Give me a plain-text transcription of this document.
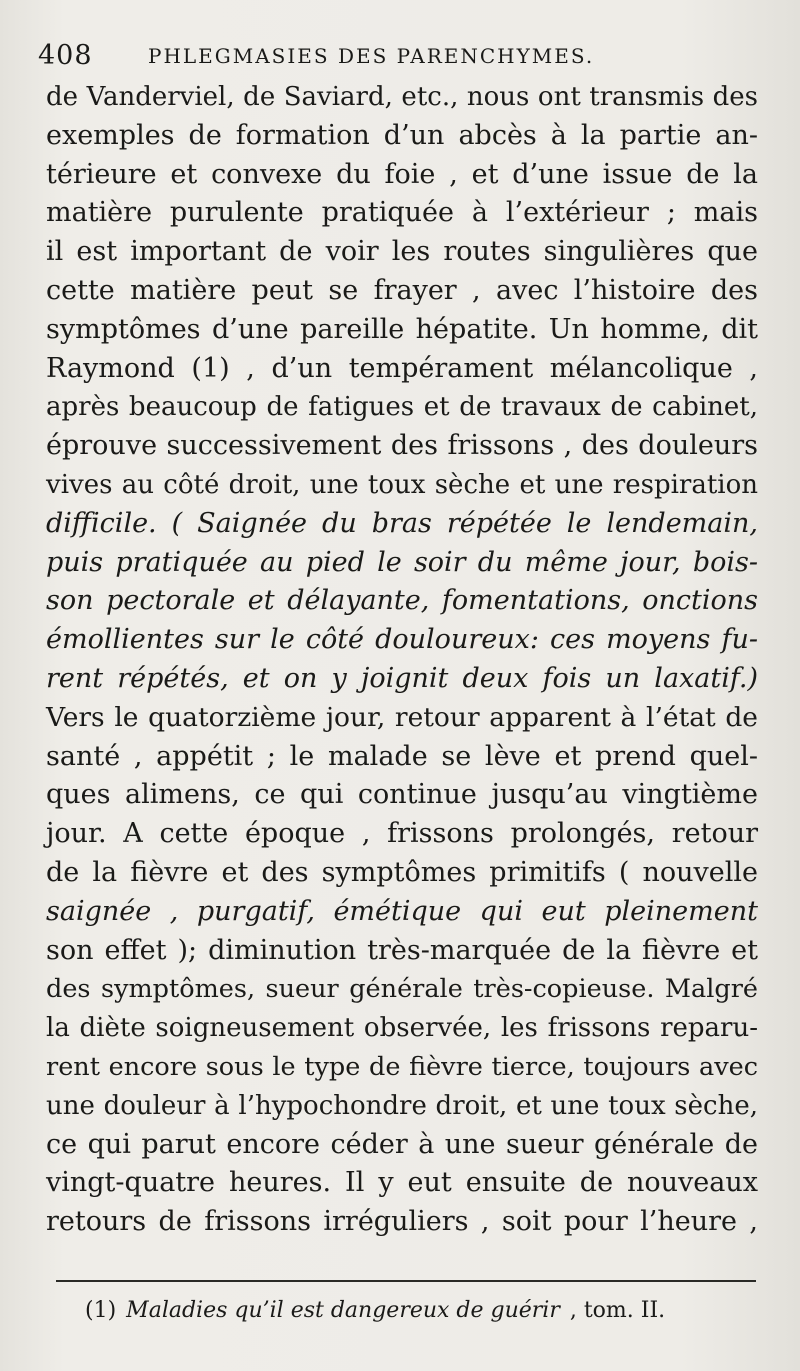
408	PHLEGMASIES DES PARENCHYMES.
de Vanderviel, de Saviard, etc., nous ont transmis des
exemples de formation d’un abcès à la partie an-
térieure et convexe du foie , et d’une issue de la
matière purulente pratiquée à l’extérieur ; mais
il est important de voir les routes singulières que
cette matière peut se frayer , avec l’histoire des
symptômes d’une pareille hépatite. Un homme, dit
Raymond (1) , d’un tempérament mélancolique ,
après beaucoup de fatigues et de travaux de cabinet,
éprouve successivement des frissons , des douleurs
vives au côté droit, une toux sèche et une respiration
difficile. ( Saignée du bras répétée le lendemain,
puis pratiquée au pied le soir du même jour, bois-
son pectorale et délayante, fomentations, onctions
émollientes sur le côté douloureux: ces moyens fu-
rent répétés, et on y joignit deux fois un laxatif.)
Vers le quatorzième jour, retour apparent à l’état de
santé , appétit ; le malade se lève et prend quel-
ques alimens, ce qui continue jusqu’au vingtième
jour. A cette époque , frissons prolongés, retour
de la fièvre et des symptômes primitifs ( nouvelle
saignée , purgatif, émétique qui eut pleinement
son effet ); diminution très-marquée de la fièvre et
des symptômes, sueur générale très-copieuse. Malgré
la diète soigneusement observée, les frissons reparu-
rent encore sous le type de fièvre tierce, toujours avec
une douleur à l’hypochondre droit, et une toux sèche,
ce qui parut encore céder à une sueur générale de
vingt-quatre heures. Il y eut ensuite de nouveaux
retours de frissons irréguliers , soit pour l’heure ,
(1) Maladies qu’il est dangereux de guérir , tom. II.
